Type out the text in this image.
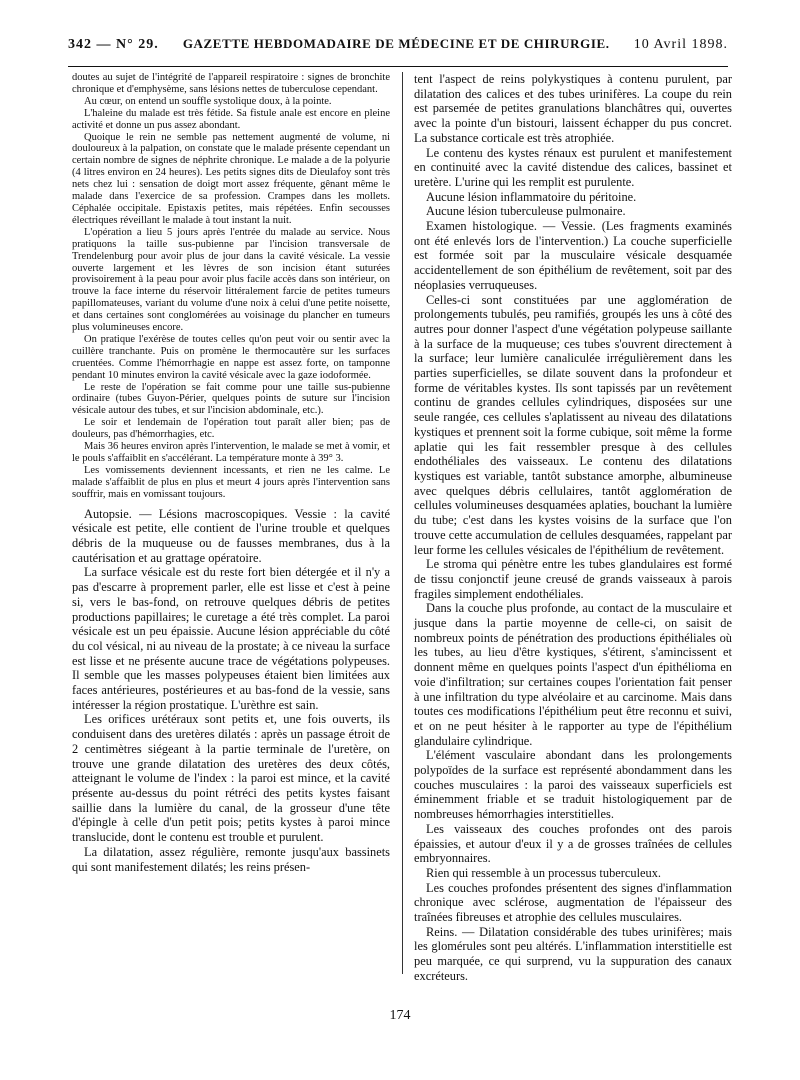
342 — N° 29. GAZETTE HEBDOMADAIRE DE MÉDECINE ET DE CHIRURGIE. 10 Avril 1898.

doutes au sujet de l'intégrité de l'appareil respiratoire : signes de bronchite chronique et d'emphysème, sans lésions nettes de tuberculose cependant.

Au cœur, on entend un souffle systolique doux, à la pointe.

L'haleine du malade est très fétide. Sa fistule anale est encore en pleine activité et donne un pus assez abondant.

Quoique le rein ne semble pas nettement augmenté de volume, ni douloureux à la palpation, on constate que le malade présente cependant un certain nombre de signes de néphrite chronique. Le malade a de la polyurie (4 litres environ en 24 heures). Les petits signes dits de Dieulafoy sont très nets chez lui : sensation de doigt mort assez fréquente, gênant même le malade dans l'exercice de sa profession. Crampes dans les mollets. Céphalée occipitale. Epistaxis petites, mais répétées. Enfin secousses électriques réveillant le malade à tout instant la nuit.

L'opération a lieu 5 jours après l'entrée du malade au service. Nous pratiquons la taille sus-pubienne par l'incision transversale de Trendelenburg pour avoir plus de jour dans la cavité vésicale. La vessie ouverte largement et les lèvres de son incision étant suturées provisoirement à la peau pour avoir plus facile accès dans son intérieur, on trouve la face interne du réservoir littéralement farcie de petites tumeurs papillomateuses, variant du volume d'une noix à celui d'une petite noisette, et dans certaines sont conglomérées au voisinage du plancher en tumeurs plus volumineuses encore.

On pratique l'exérèse de toutes celles qu'on peut voir ou sentir avec la cuillère tranchante. Puis on promène le thermocautère sur les surfaces cruentées. Comme l'hémorrhagie en nappe est assez forte, on tamponne pendant 10 minutes environ la cavité vésicale avec la gaze iodoformée.

Le reste de l'opération se fait comme pour une taille sus-pubienne ordinaire (tubes Guyon-Périer, quelques points de suture sur l'incision vésicale autour des tubes, et sur l'incision abdominale, etc.).

Le soir et lendemain de l'opération tout paraît aller bien; pas de douleurs, pas d'hémorrhagies, etc.

Mais 36 heures environ après l'intervention, le malade se met à vomir, et le pouls s'affaiblit en s'accélérant. La température monte à 39° 3.

Les vomissements deviennent incessants, et rien ne les calme. Le malade s'affaiblit de plus en plus et meurt 4 jours après l'intervention sans souffrir, mais en vomissant toujours.

Autopsie. — Lésions macroscopiques. Vessie : la cavité vésicale est petite, elle contient de l'urine trouble et quelques débris de la muqueuse ou de fausses membranes, dus à la cautérisation et au grattage opératoire.

La surface vésicale est du reste fort bien détergée et il n'y a pas d'escarre à proprement parler, elle est lisse et c'est à peine si, vers le bas-fond, on retrouve quelques débris de petites productions papillaires; le curetage a été très complet. La paroi vésicale est un peu épaissie. Aucune lésion appréciable du côté du col vésical, ni au niveau de la prostate; à ce niveau la surface est lisse et ne présente aucune trace de végétations polypeuses. Il semble que les masses polypeuses étaient bien limitées aux faces antérieures, postérieures et au bas-fond de la vessie, sans intéresser la région prostatique. L'urèthre est sain.

Les orifices urétéraux sont petits et, une fois ouverts, ils conduisent dans des uretères dilatés : après un passage étroit de 2 centimètres siégeant à la partie terminale de l'uretère, on trouve une grande dilatation des uretères des deux côtés, atteignant le volume de l'index : la paroi est mince, et la cavité présente au-dessus du point rétréci des petits kystes faisant saillie dans la lumière du canal, de la grosseur d'une tête d'épingle à celle d'un petit pois; petits kystes à paroi mince translucide, dont le contenu est trouble et purulent.

La dilatation, assez régulière, remonte jusqu'aux bassinets qui sont manifestement dilatés; les reins présen-

tent l'aspect de reins polykystiques à contenu purulent, par dilatation des calices et des tubes urinifères. La coupe du rein est parsemée de petites granulations blanchâtres qui, ouvertes avec la pointe d'un bistouri, laissent échapper du pus concret. La substance corticale est très atrophiée.

Le contenu des kystes rénaux est purulent et manifestement en continuité avec la cavité distendue des calices, bassinet et uretère. L'urine qui les remplit est purulente.

Aucune lésion inflammatoire du péritoine.

Aucune lésion tuberculeuse pulmonaire.

Examen histologique. — Vessie. (Les fragments examinés ont été enlevés lors de l'intervention.) La couche superficielle est formée soit par la musculaire vésicale desquamée accidentellement de son épithélium de revêtement, soit par des néoplasies verruqueuses.

Celles-ci sont constituées par une agglomération de prolongements tubulés, peu ramifiés, groupés les uns à côté des autres pour donner l'aspect d'une végétation polypeuse saillante à la surface de la muqueuse; ces tubes s'ouvrent directement à la surface; leur lumière canaliculée irrégulièrement dans les parties superficielles, se dilate souvent dans la profondeur et forme de véritables kystes. Ils sont tapissés par un revêtement continu de grandes cellules cylindriques, disposées sur une seule rangée, ces cellules s'aplatissent au niveau des dilatations kystiques et prennent soit la forme cubique, soit même la forme aplatie qui les fait ressembler presque à des cellules endothéliales des vaisseaux. Le contenu des dilatations kystiques est variable, tantôt substance amorphe, albumineuse avec quelques débris cellulaires, tantôt agglomération de cellules volumineuses desquamées aplaties, bouchant la lumière du tube; c'est dans les kystes voisins de la surface que l'on trouve cette accumulation de cellules desquamées, rappelant par leur forme les cellules vésicales de l'épithélium de revêtement.

Le stroma qui pénètre entre les tubes glandulaires est formé de tissu conjonctif jeune creusé de grands vaisseaux à parois fragiles simplement endothéliales.

Dans la couche plus profonde, au contact de la musculaire et jusque dans la partie moyenne de celle-ci, on saisit de nombreux points de pénétration des productions épithéliales où les tubes, au lieu d'être kystiques, s'étirent, s'amincissent et donnent même en quelques points l'aspect d'un épithélioma en voie d'infiltration; sur certaines coupes l'orientation fait penser à une infiltration du type alvéolaire et au carcinome. Mais dans toutes ces modifications l'épithélium peut être reconnu et suivi, et on ne peut hésiter à le rapporter au type de l'épithélium glandulaire cylindrique.

L'élément vasculaire abondant dans les prolongements polypoïdes de la surface est représenté abondamment dans les couches musculaires : la paroi des vaisseaux superficiels est éminemment friable et se traduit histologiquement par de nombreuses hémorrhagies interstitielles.

Les vaisseaux des couches profondes ont des parois épaissies, et autour d'eux il y a de grosses traînées de cellules embryonnaires.

Rien qui ressemble à un processus tuberculeux.

Les couches profondes présentent des signes d'inflammation chronique avec sclérose, augmentation de l'épaisseur des traînées fibreuses et atrophie des cellules musculaires.

Reins. — Dilatation considérable des tubes urinifères; mais les glomérules sont peu altérés. L'inflammation interstitielle est peu marquée, ce qui surprend, vu la suppuration des canaux excréteurs.

174
